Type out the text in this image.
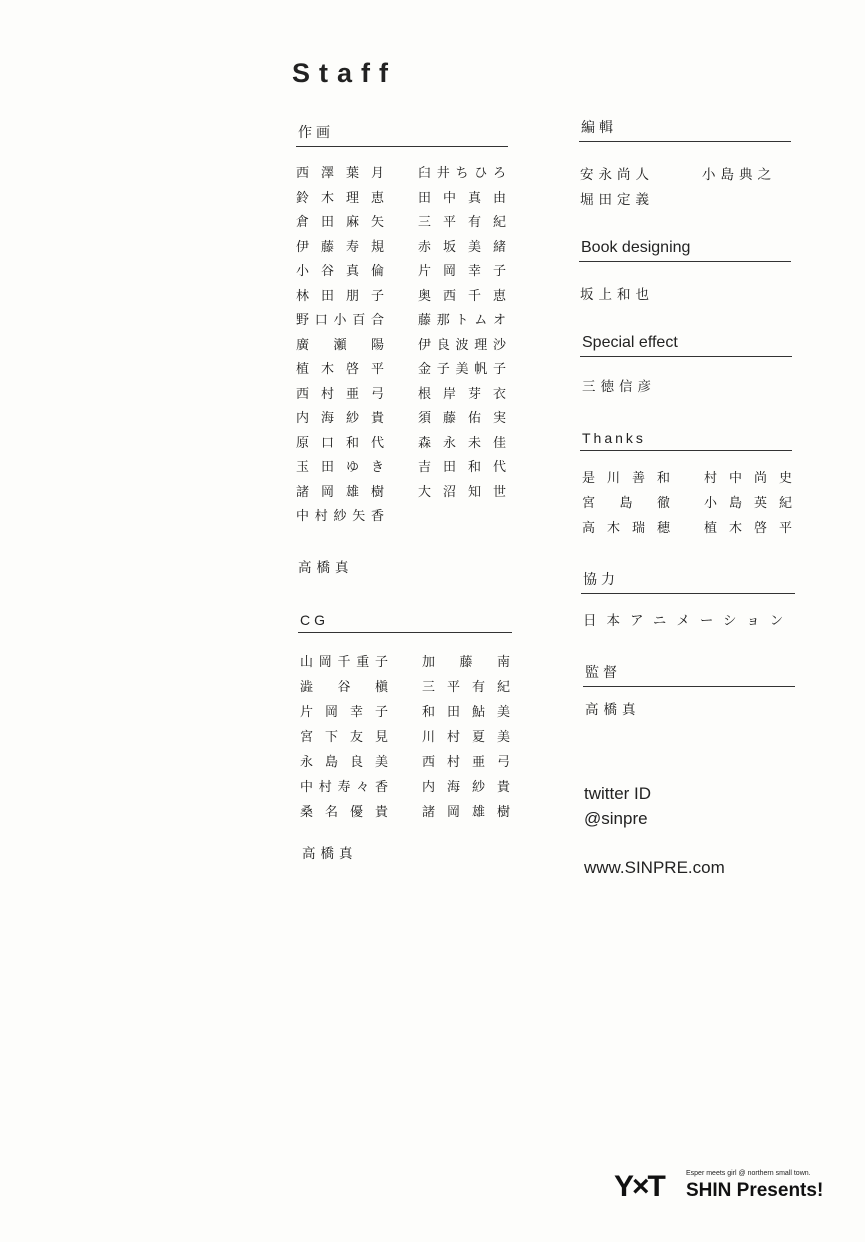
Staff
作画
西 澤 葉 月
鈴 木 理 恵
倉 田 麻 矢
伊 藤 寿 規
小 谷 真 倫
林 田 朋 子
野 口 小 百 合
廣 瀬 陽
植 木 啓 平
西 村 亜 弓
内 海 紗 貴
原 口 和 代
玉 田 ゆ き
諸 岡 雄 樹
中 村 紗 矢 香
臼 井 ち ひ ろ
田 中 真 由
三 平 有 紀
赤 坂 美 緒
片 岡 幸 子
奥 西 千 恵
藤 那 ト ム オ
伊 良 波 理 沙
金 子 美 帆 子
根 岸 芽 衣
須 藤 佑 実
森 永 未 佳
吉 田 和 代
大 沼 知 世
高橋真
CG
山 岡 千 重 子
澁 谷 槇
片 岡 幸 子
宮 下 友 見
永 島 良 美
中 村 寿 々 香
桑 名 優 貴
加 藤 南
三 平 有 紀
和 田 鮎 美
川 村 夏 美
西 村 亜 弓
内 海 紗 貴
諸 岡 雄 樹
高橋真
編輯
安永尚人	小島典之
堀田定義
Book designing
坂上和也
Special effect
三徳信彦
Thanks
是 川 善 和
宮 島 徹
高 木 瑞 穂
村 中 尚 史
小 島 英 紀
植 木 啓 平
協力
日本アニメーション
監督
高橋真
twitter ID
@sinpre
www.SINPRE.com
Y×T	Esper meets girl @ northern small town.
SHIN Presents!
